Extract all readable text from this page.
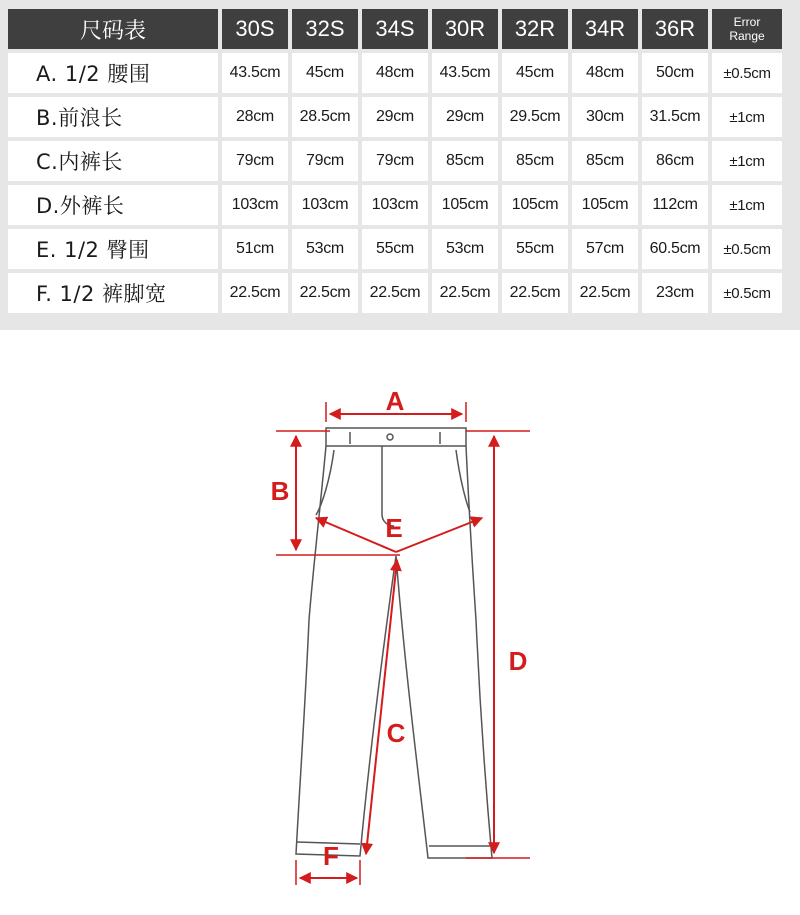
尺码表	30S	32S	34S	30R	32R	34R	36R	Error
Range
A. 1/2 腰围	43.5cm	45cm	48cm	43.5cm	45cm	48cm	50cm	±0.5cm
B.前浪长	28cm	28.5cm	29cm	29cm	29.5cm	30cm	31.5cm	±1cm
C.内裤长	79cm	79cm	79cm	85cm	85cm	85cm	86cm	±1cm
D.外裤长	103cm	103cm	103cm	105cm	105cm	105cm	112cm	±1cm
E. 1/2 臀围	51cm	53cm	55cm	53cm	55cm	57cm	60.5cm	±0.5cm
F. 1/2 裤脚宽	22.5cm	22.5cm	22.5cm	22.5cm	22.5cm	22.5cm	23cm	±0.5cm
A
B
E
D
C
F
